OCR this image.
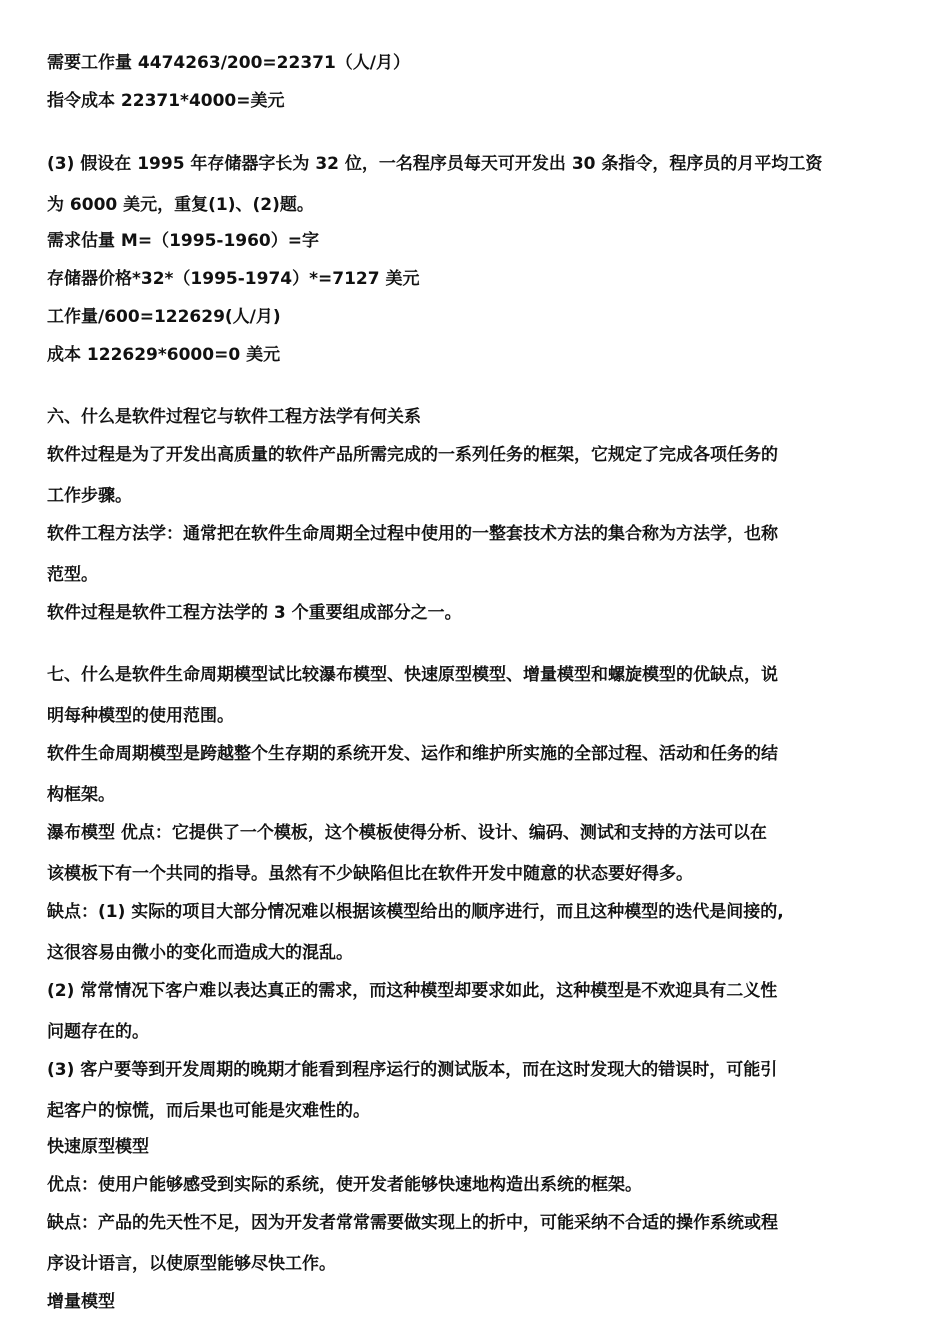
需要工作量 4474263/200=22371（人/月）
指令成本 22371*4000=美元
(3) 假设在 1995 年存储器字长为 32 位，一名程序员每天可开发出 30 条指令，程序员的月平均工资
为 6000 美元，重复(1)、(2)题。
需求估量 M=（1995-1960）=字
存储器价格*32*（1995-1974）*=7127 美元
工作量/600=122629(人/月)
成本 122629*6000=0 美元
六、什么是软件过程它与软件工程方法学有何关系
软件过程是为了开发出高质量的软件产品所需完成的一系列任务的框架，它规定了完成各项任务的
工作步骤。
软件工程方法学：通常把在软件生命周期全过程中使用的一整套技术方法的集合称为方法学，也称
范型。
软件过程是软件工程方法学的 3 个重要组成部分之一。
七、什么是软件生命周期模型试比较瀑布模型、快速原型模型、增量模型和螺旋模型的优缺点，说
明每种模型的使用范围。
软件生命周期模型是跨越整个生存期的系统开发、运作和维护所实施的全部过程、活动和任务的结
构框架。
瀑布模型 优点：它提供了一个模板，这个模板使得分析、设计、编码、测试和支持的方法可以在
该模板下有一个共同的指导。虽然有不少缺陷但比在软件开发中随意的状态要好得多。
缺点：(1) 实际的项目大部分情况难以根据该模型给出的顺序进行，而且这种模型的迭代是间接的,
这很容易由微小的变化而造成大的混乱。
(2) 常常情况下客户难以表达真正的需求，而这种模型却要求如此，这种模型是不欢迎具有二义性
问题存在的。
(3) 客户要等到开发周期的晚期才能看到程序运行的测试版本，而在这时发现大的错误时，可能引
起客户的惊慌，而后果也可能是灾难性的。
快速原型模型
优点：使用户能够感受到实际的系统，使开发者能够快速地构造出系统的框架。
缺点：产品的先天性不足，因为开发者常常需要做实现上的折中，可能采纳不合适的操作系统或程
序设计语言，以使原型能够尽快工作。
增量模型
